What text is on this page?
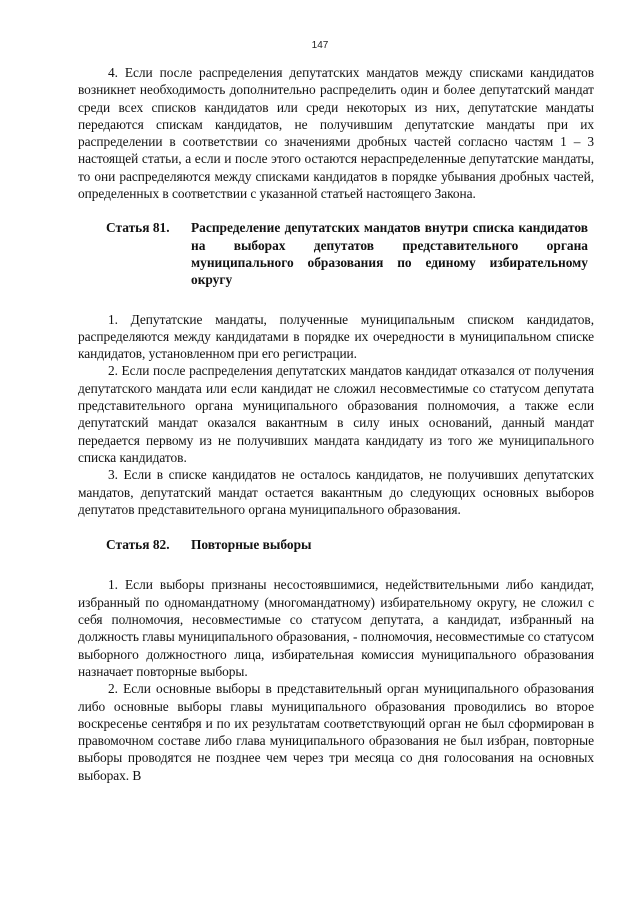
147

4. Если после распределения депутатских мандатов между списками кандидатов возникнет необходимость дополнительно распределить один и более депутатский мандат среди всех списков кандидатов или среди некоторых из них, депутатские мандаты передаются спискам кандидатов, не получившим депутатские мандаты при их распределении в соответствии со значениями дробных частей согласно частям 1 – 3 настоящей статьи, а если и после этого остаются нераспределенные депутатские мандаты, то они распределяются между списками кандидатов в порядке убывания дробных частей, определенных в соответствии с указанной статьей настоящего Закона.

Статья 81.	Распределение депутатских мандатов внутри списка кандидатов на выборах депутатов представительного органа муниципального образования по единому избирательному округу

1. Депутатские мандаты, полученные муниципальным списком кандидатов, распределяются между кандидатами в порядке их очередности в муниципальном списке кандидатов, установленном при его регистрации.

2. Если после распределения депутатских мандатов кандидат отказался от получения депутатского мандата или если кандидат не сложил несовместимые со статусом депутата представительного органа муниципального образования полномочия, а также если депутатский мандат оказался вакантным в силу иных оснований, данный мандат передается первому из не получивших мандата кандидату из того же муниципального списка кандидатов.

3. Если в списке кандидатов не осталось кандидатов, не получивших депутатских мандатов, депутатский мандат остается вакантным до следующих основных выборов депутатов представительного органа муниципального образования.

Статья 82.	Повторные выборы

1. Если выборы признаны несостоявшимися, недействительными либо кандидат, избранный по одномандатному (многомандатному) избирательному округу, не сложил с себя полномочия, несовместимые со статусом депутата, а кандидат, избранный на должность главы муниципального образования, - полномочия, несовместимые со статусом выборного должностного лица, избирательная комиссия муниципального образования назначает повторные выборы.

2. Если основные выборы в представительный орган муниципального образования либо основные выборы главы муниципального образования проводились во второе воскресенье сентября и по их результатам соответствующий орган не был сформирован в правомочном составе либо глава муниципального образования не был избран, повторные выборы проводятся не позднее чем через три месяца со дня голосования на основных выборах. В
